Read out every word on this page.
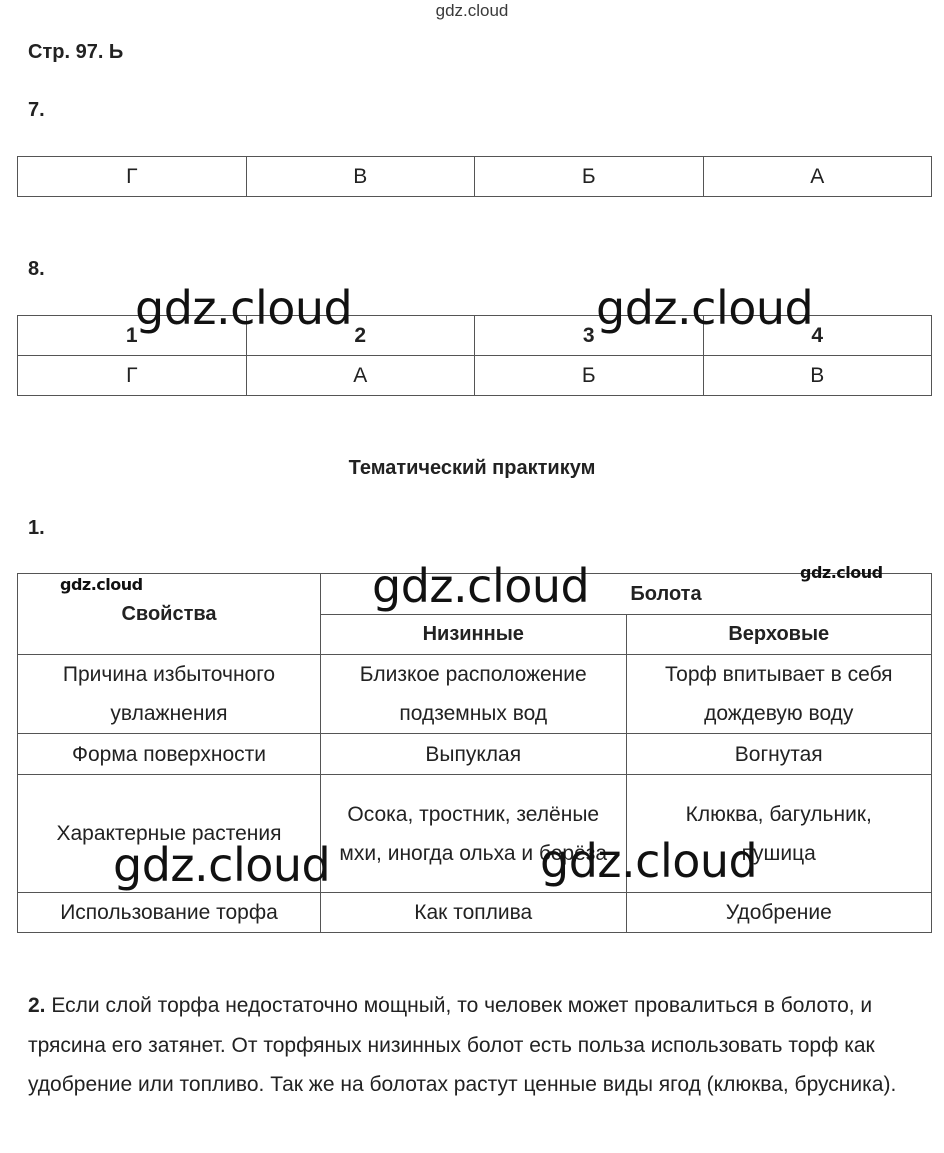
gdz.cloud
Стр. 97. Ь
7.
Г	В	Б	А
8.
1	2	3	4
Г	А	Б	В
Тематический практикум
1.
Свойства	Болота	
	Низинные	Верховые
Причина избыточного увлажнения	Близкое расположение подземных вод	Торф впитывает в себя дождевую воду
Форма поверхности	Выпуклая	Вогнутая
Характерные растения	Осока, тростник, зелёные мхи, иногда ольха и берёза	Клюква, багульник, пушица
Использование торфа	Как топлива	Удобрение
2. Если слой торфа недостаточно мощный, то человек может провалиться в болото, и трясина его затянет. От торфяных низинных болот есть польза использовать торф как удобрение или топливо. Так же на болотах растут ценные виды ягод (клюква, брусника).
gdz.cloud	gdz.cloud
gdz.cloud
gdz.cloud
gdz.cloud
gdz.cloud	gdz.cloud
